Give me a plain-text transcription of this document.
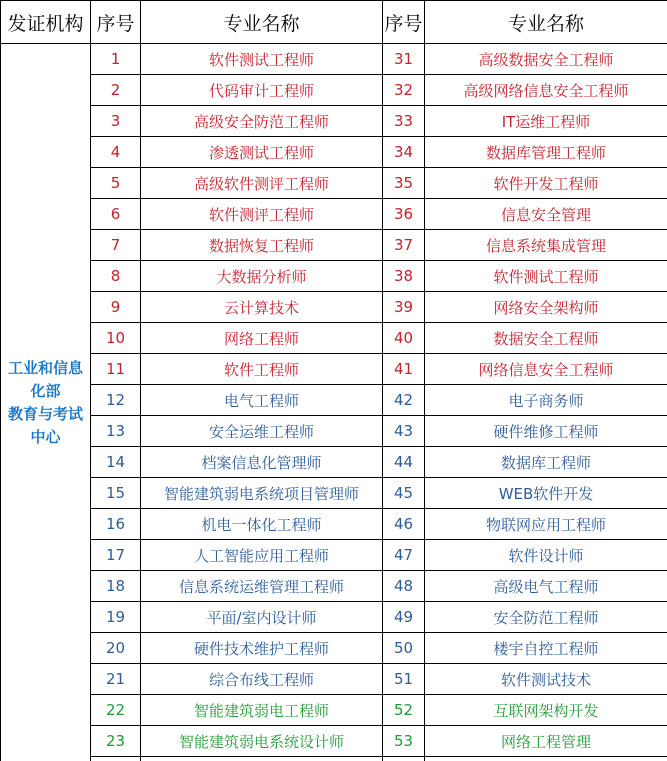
发证机构	序号	专业名称	序号	专业名称

工业和信息
化部
教育与考试
中心	1	软件测试工程师	31	高级数据安全工程师
	2	代码审计工程师	32	高级网络信息安全工程师
	3	高级安全防范工程师	33	IT运维工程师
	4	渗透测试工程师	34	数据库管理工程师
	5	高级软件测评工程师	35	软件开发工程师
	6	软件测评工程师	36	信息安全管理
	7	数据恢复工程师	37	信息系统集成管理
	8	大数据分析师	38	软件测试工程师
	9	云计算技术	39	网络安全架构师
	10	网络工程师	40	数据安全工程师
	11	软件工程师	41	网络信息安全工程师
	12	电气工程师	42	电子商务师
	13	安全运维工程师	43	硬件维修工程师
	14	档案信息化管理师	44	数据库工程师
	15	智能建筑弱电系统项目管理师	45	WEB软件开发
	16	机电一体化工程师	46	物联网应用工程师
	17	人工智能应用工程师	47	软件设计师
	18	信息系统运维管理工程师	48	高级电气工程师
	19	平面/室内设计师	49	安全防范工程师
	20	硬件技术维护工程师	50	楼宇自控工程师
	21	综合布线工程师	51	软件测试技术
	22	智能建筑弱电工程师	52	互联网架构开发
	23	智能建筑弱电系统设计师	53	网络工程管理
